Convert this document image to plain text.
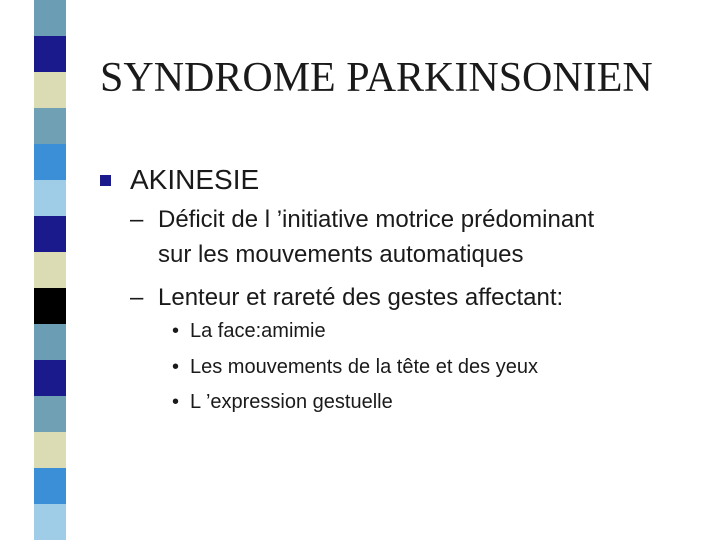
SYNDROME PARKINSONIEN
AKINESIE
– Déficit de l ’initiative motrice prédominant
sur les mouvements automatiques
– Lenteur et rareté des gestes affectant:
• La face:amimie
• Les mouvements de la tête et des yeux
• L ’expression gestuelle
